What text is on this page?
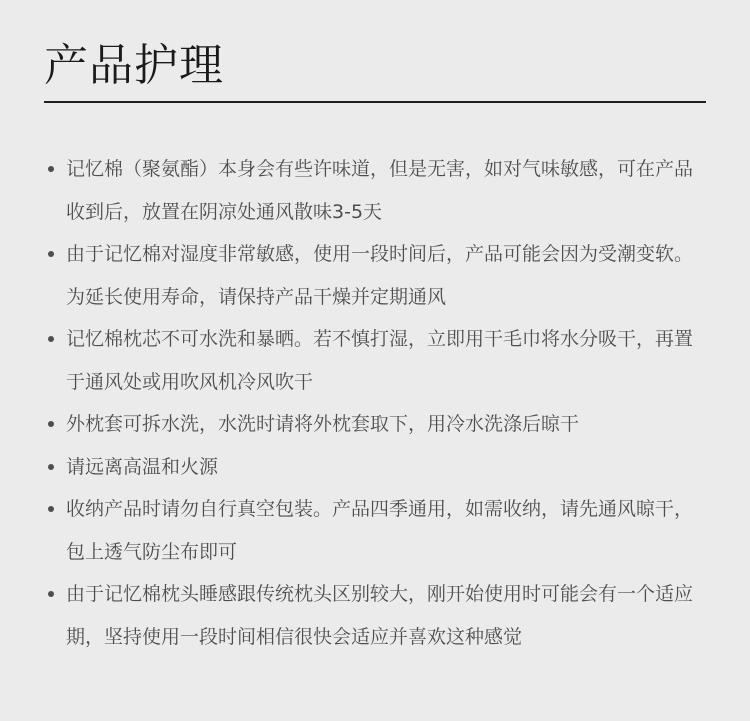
产品护理
记忆棉（聚氨酯）本身会有些许味道，但是无害，如对气味敏感，可在产品收到后，放置在阴凉处通风散味3-5天
由于记忆棉对湿度非常敏感，使用一段时间后，产品可能会因为受潮变软。为延长使用寿命，请保持产品干燥并定期通风
记忆棉枕芯不可水洗和暴晒。若不慎打湿，立即用干毛巾将水分吸干，再置于通风处或用吹风机冷风吹干
外枕套可拆水洗，水洗时请将外枕套取下，用冷水洗涤后晾干
请远离高温和火源
收纳产品时请勿自行真空包装。产品四季通用，如需收纳，请先通风晾干，包上透气防尘布即可
由于记忆棉枕头睡感跟传统枕头区别较大，刚开始使用时可能会有一个适应期，坚持使用一段时间相信很快会适应并喜欢这种感觉
